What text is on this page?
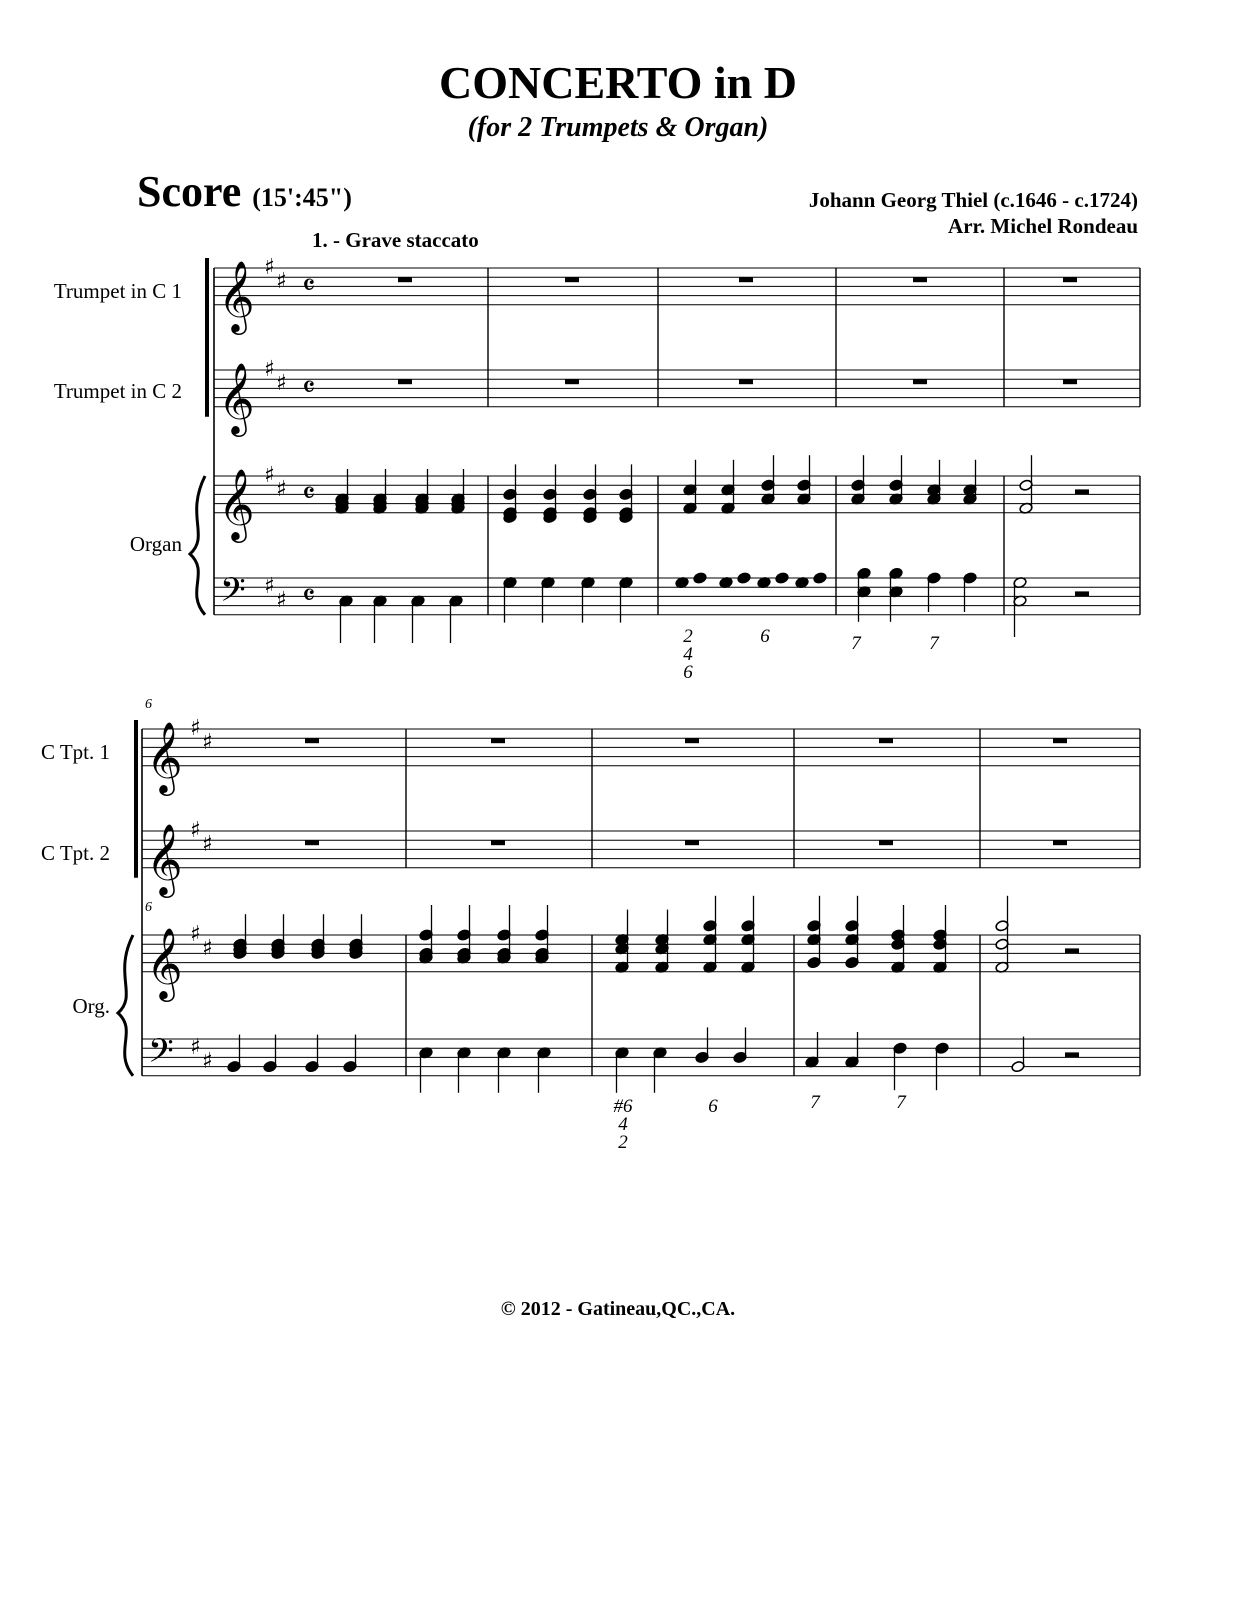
CONCERTO in D
(for 2 Trumpets & Organ)
Score (15':45")	Johann Georg Thiel (c.1646 - c.1724)
Arr. Michel Rondeau
1. - Grave staccato
Trumpet in C 1
Trumpet in C 2
Organ
C Tpt. 1
C Tpt. 2
Org.
6
6
2
4
6
6	7	7
#6
4
2
6	7	7
© 2012 - Gatineau,QC.,CA.
𝄞 ♯
♯ 𝄴
𝄞 ♯
♯ 𝄴
𝄞 ♯
♯ 𝄴
𝄢 ♯
♯ 𝄴
𝄞 ♯
♯
𝄞 ♯
♯
𝄞 ♯
♯
𝄢 ♯
♯
